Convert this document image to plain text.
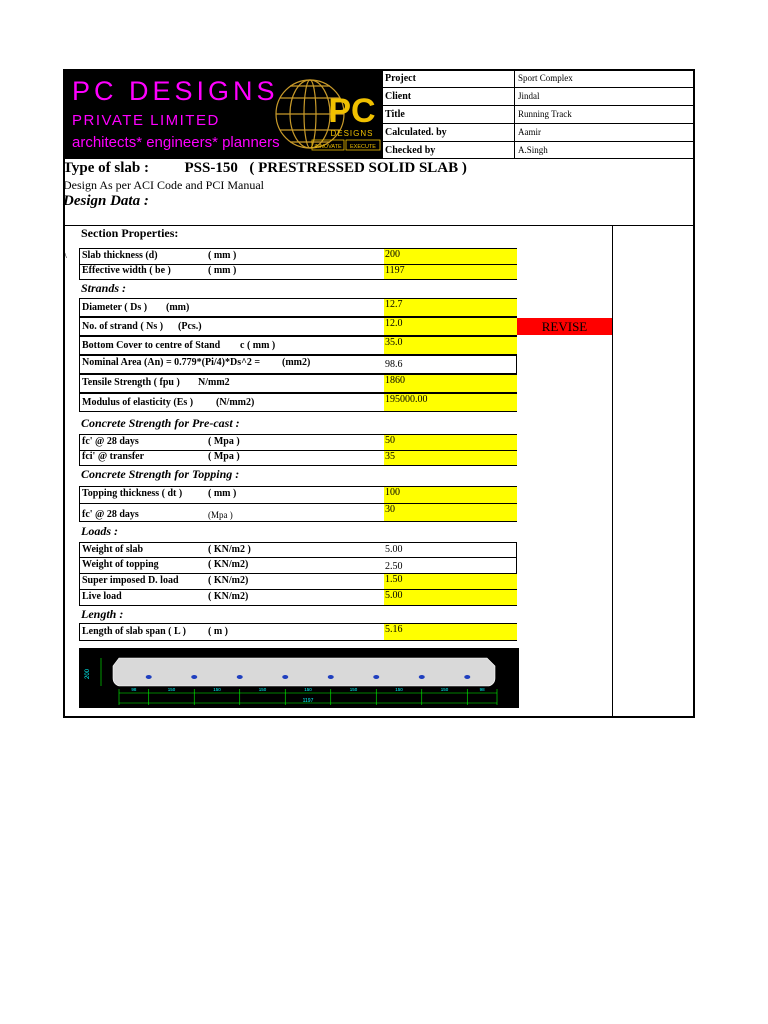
PC DESIGNS
PRIVATE LIMITED
architects* engineers* planners
PC
DESIGNS
INNOVATE EXECUTE
Project	Sport Complex
Client	Jindal
Title	Running Track
Calculated. by	Aamir
Checked by	A.Singh
Type of slab : PSS-150 ( PRESTRESSED SOLID SLAB )
Design As per ACI Code and PCI Manual
Design Data :
Section Properties:
\ Slab thickness (d)	( mm )	200
Effective width ( be )	( mm )	1197
Strands :
Diameter ( Ds ) (mm)	12.7
No. of strand ( Ns ) (Pcs.)	12.0
Bottom Cover to centre of Stand c ( mm )	35.0
Nominal Area (An) = 0.779*(Pi/4)*Ds^2 = (mm2)	98.6
Tensile Strength ( fpu ) N/mm2	1860
Modulus of elasticity (Es ) (N/mm2)	195000.00
REVISE
Concrete Strength for Pre-cast :
fc' @ 28 days	( Mpa )	50
fci' @ transfer	( Mpa )	35
Concrete Strength for Topping :
Topping thickness ( dt )	( mm )	100
fc' @ 28 days	(Mpa )	30
Loads :
Weight of slab	( KN/m2 )	5.00
Weight of topping	( KN/m2)	2.50
Super imposed D. load	( KN/m2)	1.50
Live load	( KN/m2)	5.00
Length :
Length of slab span ( L ) ( m )	5.16
200
98	150	150	150	150	150	150	150	98
1197
